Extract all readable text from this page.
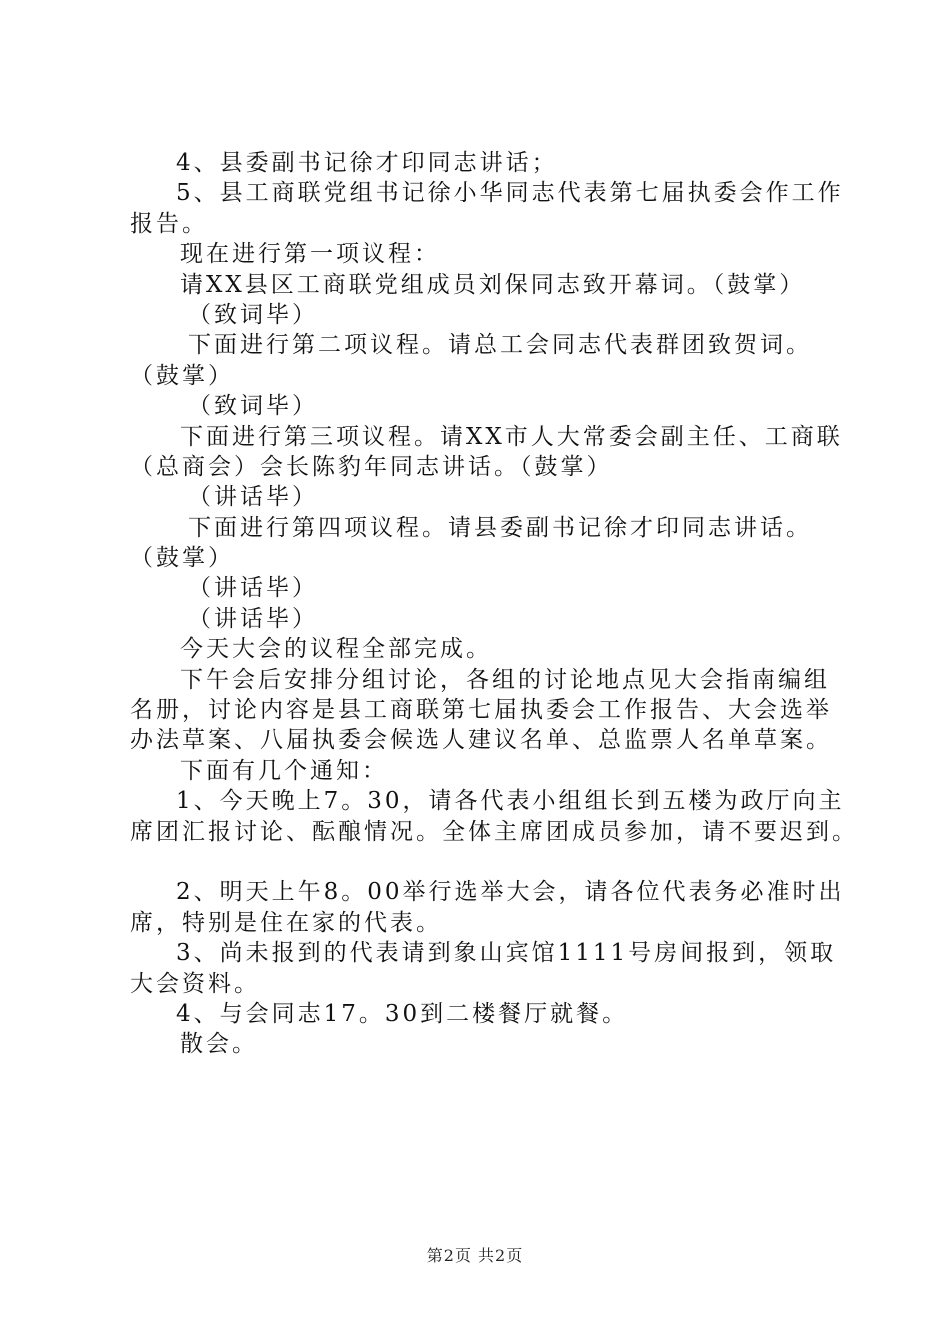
4、县委副书记徐才印同志讲话；
5、县工商联党组书记徐小华同志代表第七届执委会作工作
报告。
现在进行第一项议程：
请XX县区工商联党组成员刘保同志致开幕词。（鼓掌）
（致词毕）
下面进行第二项议程。请总工会同志代表群团致贺词。
（鼓掌）
（致词毕）
下面进行第三项议程。请XX市人大常委会副主任、工商联
（总商会）会长陈豹年同志讲话。（鼓掌）
（讲话毕）
下面进行第四项议程。请县委副书记徐才印同志讲话。
（鼓掌）
（讲话毕）
（讲话毕）
今天大会的议程全部完成。
下午会后安排分组讨论，各组的讨论地点见大会指南编组
名册，讨论内容是县工商联第七届执委会工作报告、大会选举
办法草案、八届执委会候选人建议名单、总监票人名单草案。
下面有几个通知：
1、今天晚上7。30，请各代表小组组长到五楼为政厅向主
席团汇报讨论、酝酿情况。全体主席团成员参加，请不要迟到。
2、明天上午8。00举行选举大会，请各位代表务必准时出
席，特别是住在家的代表。
3、尚未报到的代表请到象山宾馆1111号房间报到，领取
大会资料。
4、与会同志17。30到二楼餐厅就餐。
散会。
第2页 共2页
